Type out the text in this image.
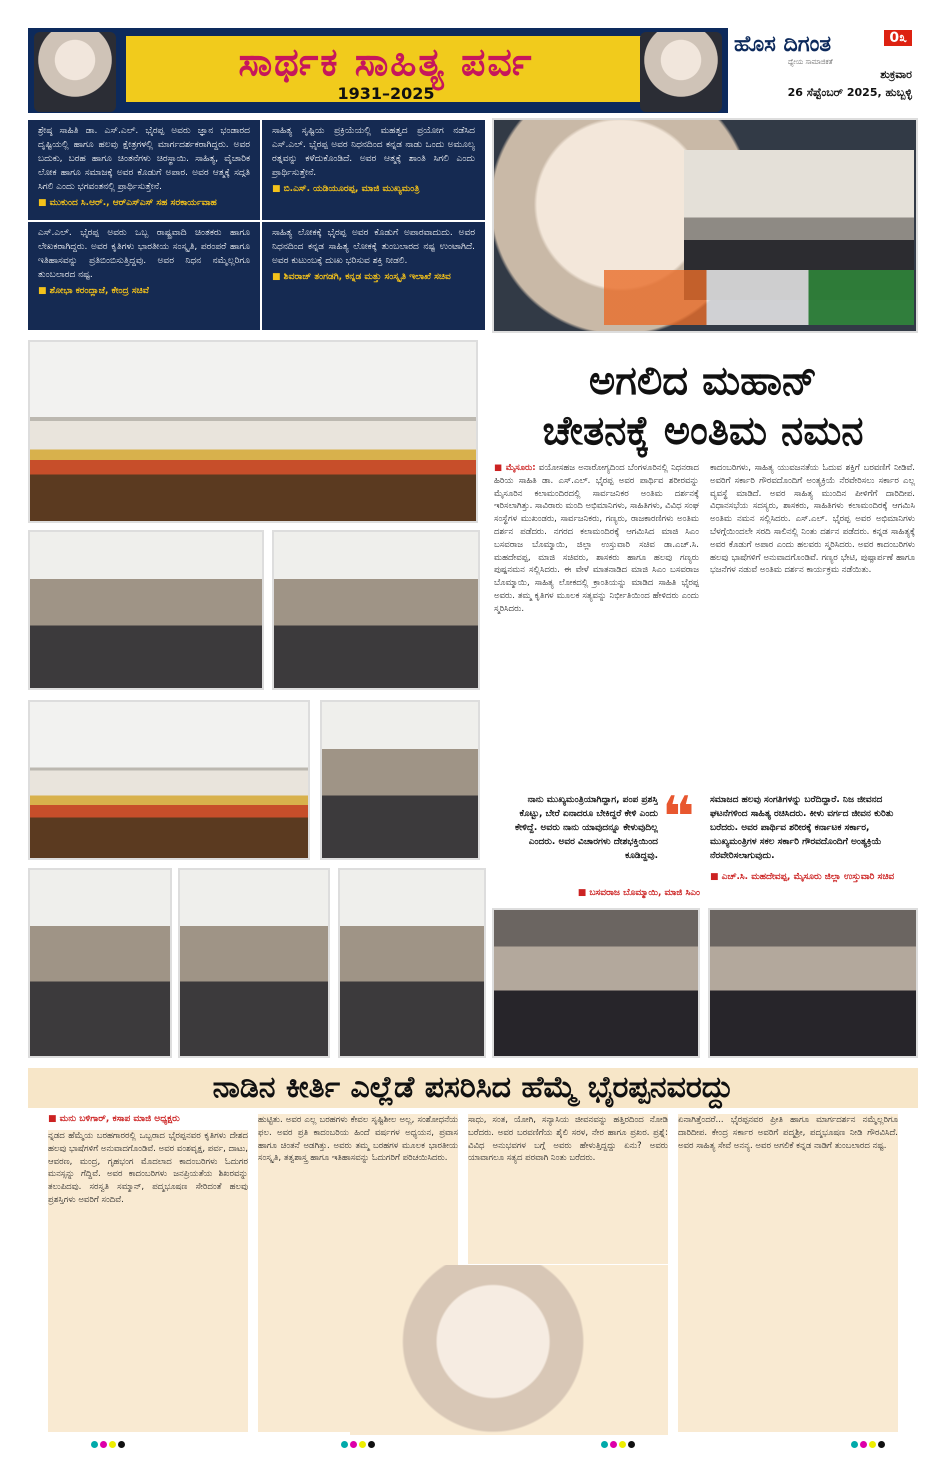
ಸಾರ್ಥಕ ಸಾಹಿತ್ಯ ಪರ್ವ
1931–2025
0೩
ಹೊಸ ದಿಗಂತ
ಧ್ಯೇಯ ಸಾಮಾಜಿಕತೆ
ಶುಕ್ರವಾರ
26 ಸೆಪ್ಟೆಂಬರ್ 2025, ಹುಬ್ಬಳ್ಳಿ

ಶ್ರೇಷ್ಠ ಸಾಹಿತಿ ಡಾ. ಎಸ್.ಎಲ್. ಭೈರಪ್ಪ ಅವರು ಜ್ಞಾನ ಭಂಡಾರದ ದೃಷ್ಟಿಯಲ್ಲಿ ಹಾಗೂ ಹಲವು ಕ್ಷೇತ್ರಗಳಲ್ಲಿ ಮಾರ್ಗದರ್ಶಕರಾಗಿದ್ದರು. ಅವರ ಬದುಕು, ಬರಹ ಹಾಗೂ ಚಿಂತನೆಗಳು ಚಿರಸ್ಥಾಯಿ. ಸಾಹಿತ್ಯ, ವೈಚಾರಿಕ ಲೋಕ ಹಾಗೂ ಸಮಾಜಕ್ಕೆ ಅವರ ಕೊಡುಗೆ ಅಪಾರ. ಅವರ ಆತ್ಮಕ್ಕೆ ಸದ್ಗತಿ ಸಿಗಲಿ ಎಂದು ಭಗವಂತನಲ್ಲಿ ಪ್ರಾರ್ಥಿಸುತ್ತೇನೆ.

■ ಮುಕುಂದ ಸಿ.ಆರ್., ಆರ್‌ಎಸ್‌ಎಸ್ ಸಹ ಸರಕಾರ್ಯವಾಹ

ಸಾಹಿತ್ಯ ಸೃಷ್ಟಿಯ ಪ್ರಕ್ರಿಯೆಯಲ್ಲಿ ಮಹತ್ವದ ಪ್ರಯೋಗ ನಡೆಸಿದ ಎಸ್.ಎಲ್. ಭೈರಪ್ಪ ಅವರ ನಿಧನದಿಂದ ಕನ್ನಡ ನಾಡು ಒಂದು ಅಮೂಲ್ಯ ರತ್ನವನ್ನು ಕಳೆದುಕೊಂಡಿದೆ. ಅವರ ಆತ್ಮಕ್ಕೆ ಶಾಂತಿ ಸಿಗಲಿ ಎಂದು ಪ್ರಾರ್ಥಿಸುತ್ತೇನೆ.

■ ಬಿ.ಎಸ್. ಯಡಿಯೂರಪ್ಪ, ಮಾಜಿ ಮುಖ್ಯಮಂತ್ರಿ

ಎಸ್.ಎಲ್. ಭೈರಪ್ಪ ಅವರು ಒಬ್ಬ ರಾಷ್ಟ್ರವಾದಿ ಚಿಂತಕರು ಹಾಗೂ ಲೇಖಕರಾಗಿದ್ದರು. ಅವರ ಕೃತಿಗಳು ಭಾರತೀಯ ಸಂಸ್ಕೃತಿ, ಪರಂಪರೆ ಹಾಗೂ ಇತಿಹಾಸವನ್ನು ಪ್ರತಿಬಿಂಬಿಸುತ್ತಿದ್ದವು. ಅವರ ನಿಧನ ನಮ್ಮೆಲ್ಲರಿಗೂ ತುಂಬಲಾರದ ನಷ್ಟ.

■ ಶೋಭಾ ಕರಂದ್ಲಾಜೆ, ಕೇಂದ್ರ ಸಚಿವೆ

ಸಾಹಿತ್ಯ ಲೋಕಕ್ಕೆ ಭೈರಪ್ಪ ಅವರ ಕೊಡುಗೆ ಅಪಾರವಾದುದು. ಅವರ ನಿಧನದಿಂದ ಕನ್ನಡ ಸಾಹಿತ್ಯ ಲೋಕಕ್ಕೆ ತುಂಬಲಾರದ ನಷ್ಟ ಉಂಟಾಗಿದೆ. ಅವರ ಕುಟುಂಬಕ್ಕೆ ದುಃಖ ಭರಿಸುವ ಶಕ್ತಿ ನೀಡಲಿ.

■ ಶಿವರಾಜ್ ತಂಗಡಗಿ, ಕನ್ನಡ ಮತ್ತು ಸಂಸ್ಕೃತಿ ಇಲಾಖೆ ಸಚಿವ
ಅಗಲಿದ ಮಹಾನ್
ಚೇತನಕ್ಕೆ ಅಂತಿಮ ನಮನ
■ ಮೈಸೂರು: ವಯೋಸಹಜ ಅನಾರೋಗ್ಯದಿಂದ ಬೆಂಗಳೂರಿನಲ್ಲಿ ನಿಧನರಾದ ಹಿರಿಯ ಸಾಹಿತಿ ಡಾ. ಎಸ್.ಎಲ್. ಭೈರಪ್ಪ ಅವರ ಪಾರ್ಥಿವ ಶರೀರವನ್ನು ಮೈಸೂರಿನ ಕಲಾಮಂದಿರದಲ್ಲಿ ಸಾರ್ವಜನಿಕರ ಅಂತಿಮ ದರ್ಶನಕ್ಕೆ ಇರಿಸಲಾಗಿತ್ತು. ಸಾವಿರಾರು ಮಂದಿ ಅಭಿಮಾನಿಗಳು, ಸಾಹಿತಿಗಳು, ವಿವಿಧ ಸಂಘ ಸಂಸ್ಥೆಗಳ ಮುಖಂಡರು, ಸಾರ್ವಜನಿಕರು, ಗಣ್ಯರು, ರಾಜಕಾರಣಿಗಳು ಅಂತಿಮ ದರ್ಶನ ಪಡೆದರು. ನಗರದ ಕಲಾಮಂದಿರಕ್ಕೆ ಆಗಮಿಸಿದ ಮಾಜಿ ಸಿಎಂ ಬಸವರಾಜ ಬೊಮ್ಮಾಯಿ, ಜಿಲ್ಲಾ ಉಸ್ತುವಾರಿ ಸಚಿವ ಡಾ.ಎಚ್.ಸಿ. ಮಹದೇವಪ್ಪ, ಮಾಜಿ ಸಚಿವರು, ಶಾಸಕರು ಹಾಗೂ ಹಲವು ಗಣ್ಯರು ಪುಷ್ಪನಮನ ಸಲ್ಲಿಸಿದರು. ಈ ವೇಳೆ ಮಾತನಾಡಿದ ಮಾಜಿ ಸಿಎಂ ಬಸವರಾಜ ಬೊಮ್ಮಾಯಿ, ಸಾಹಿತ್ಯ ಲೋಕದಲ್ಲಿ ಕ್ರಾಂತಿಯನ್ನು ಮಾಡಿದ ಸಾಹಿತಿ ಭೈರಪ್ಪ ಅವರು. ತಮ್ಮ ಕೃತಿಗಳ ಮೂಲಕ ಸತ್ಯವನ್ನು ನಿರ್ಭೀತಿಯಿಂದ ಹೇಳಿದರು ಎಂದು ಸ್ಮರಿಸಿದರು.
ಕಾದಂಬರಿಗಳು, ಸಾಹಿತ್ಯ ಯುವಜನತೆಯ ಓದುವ ಶಕ್ತಿಗೆ ಬರವಣಿಗೆ ನೀಡಿವೆ. ಅವರಿಗೆ ಸರ್ಕಾರಿ ಗೌರವದೊಂದಿಗೆ ಅಂತ್ಯಕ್ರಿಯೆ ನೆರವೇರಿಸಲು ಸರ್ಕಾರ ಎಲ್ಲ ವ್ಯವಸ್ಥೆ ಮಾಡಿದೆ. ಅವರ ಸಾಹಿತ್ಯ ಮುಂದಿನ ಪೀಳಿಗೆಗೆ ದಾರಿದೀಪ. ವಿಧಾನಸಭೆಯ ಸದಸ್ಯರು, ಶಾಸಕರು, ಸಾಹಿತಿಗಳು ಕಲಾಮಂದಿರಕ್ಕೆ ಆಗಮಿಸಿ ಅಂತಿಮ ನಮನ ಸಲ್ಲಿಸಿದರು. ಎಸ್.ಎಲ್. ಭೈರಪ್ಪ ಅವರ ಅಭಿಮಾನಿಗಳು ಬೆಳಗ್ಗೆಯಿಂದಲೇ ಸರದಿ ಸಾಲಿನಲ್ಲಿ ನಿಂತು ದರ್ಶನ ಪಡೆದರು. ಕನ್ನಡ ಸಾಹಿತ್ಯಕ್ಕೆ ಅವರ ಕೊಡುಗೆ ಅಪಾರ ಎಂದು ಹಲವರು ಸ್ಮರಿಸಿದರು. ಅವರ ಕಾದಂಬರಿಗಳು ಹಲವು ಭಾಷೆಗಳಿಗೆ ಅನುವಾದಗೊಂಡಿವೆ. ಗಣ್ಯರ ಭೇಟಿ, ಪುಷ್ಪಾರ್ಪಣೆ ಹಾಗೂ ಭಜನೆಗಳ ನಡುವೆ ಅಂತಿಮ ದರ್ಶನ ಕಾರ್ಯಕ್ರಮ ನಡೆಯಿತು.
ನಾನು ಮುಖ್ಯಮಂತ್ರಿಯಾಗಿದ್ದಾಗ, ಪಂಪ ಪ್ರಶಸ್ತಿ ಕೊಟ್ಟು, ಬೇರೆ ಏನಾದರೂ ಬೇಕಿದ್ದರೆ ಕೇಳಿ ಎಂದು ಕೇಳಿದ್ದೆ. ಅವರು ನಾನು ಯಾವುದನ್ನೂ ಕೇಳುವುದಿಲ್ಲ ಎಂದರು. ಅವರ ವಿಚಾರಗಳು ದೇಶಭಕ್ತಿಯಿಂದ ಕೂಡಿದ್ದವು.
❝ ಸಮಾಜದ ಹಲವು ಸಂಗತಿಗಳನ್ನು ಬರೆದಿದ್ದಾರೆ. ನಿಜ ಜೀವನದ ಘಟನೆಗಳಿಂದ ಸಾಹಿತ್ಯ ರಚಿಸಿದರು. ಕೀಳು ವರ್ಗದ ಜೀವನ ಕುರಿತು ಬರೆದರು. ಅವರ ಪಾರ್ಥಿವ ಶರೀರಕ್ಕೆ ಕರ್ನಾಟಕ ಸರ್ಕಾರ, ಮುಖ್ಯಮಂತ್ರಿಗಳ ಸಕಲ ಸರ್ಕಾರಿ ಗೌರವದೊಂದಿಗೆ ಅಂತ್ಯಕ್ರಿಯೆ ನೆರವೇರಿಸಲಾಗುವುದು.
■ ಬಸವರಾಜ ಬೊಮ್ಮಾಯಿ, ಮಾಜಿ ಸಿಎಂ
■ ಎಚ್.ಸಿ. ಮಹದೇವಪ್ಪ, ಮೈಸೂರು ಜಿಲ್ಲಾ ಉಸ್ತುವಾರಿ ಸಚಿವ
ನಾಡಿನ ಕೀರ್ತಿ ಎಲ್ಲೆಡೆ ಪಸರಿಸಿದ ಹೆಮ್ಮೆ ಭೈರಪ್ಪನವರದ್ದು
■ ಮನು ಬಳಿಗಾರ್, ಕಸಾಪ ಮಾಜಿ ಅಧ್ಯಕ್ಷರು
ನ್ನಡದ ಹೆಮ್ಮೆಯ ಬರಹಗಾರರಲ್ಲಿ ಒಬ್ಬರಾದ ಭೈರಪ್ಪನವರ ಕೃತಿಗಳು ದೇಶದ ಹಲವು ಭಾಷೆಗಳಿಗೆ ಅನುವಾದಗೊಂಡಿವೆ. ಅವರ ವಂಶವೃಕ್ಷ, ಪರ್ವ, ದಾಟು, ಆವರಣ, ಮಂದ್ರ, ಗೃಹಭಂಗ ಮೊದಲಾದ ಕಾದಂಬರಿಗಳು ಓದುಗರ ಮನಸ್ಸನ್ನು ಗೆದ್ದಿವೆ. ಅವರ ಕಾದಂಬರಿಗಳು ಜನಪ್ರಿಯತೆಯ ಶಿಖರವನ್ನು ತಲುಪಿದವು. ಸರಸ್ವತಿ ಸಮ್ಮಾನ್, ಪದ್ಮಭೂಷಣ ಸೇರಿದಂತೆ ಹಲವು ಪ್ರಶಸ್ತಿಗಳು ಅವರಿಗೆ ಸಂದಿವೆ.
ಹುಟ್ಟಿತು. ಅವರ ಎಲ್ಲ ಬರಹಗಳು ಕೇವಲ ಸೃಷ್ಟಿಶೀಲ ಅಲ್ಲ, ಸಂಶೋಧನೆಯ ಫಲ. ಅವರ ಪ್ರತಿ ಕಾದಂಬರಿಯ ಹಿಂದೆ ವರ್ಷಗಳ ಅಧ್ಯಯನ, ಪ್ರವಾಸ ಹಾಗೂ ಚಿಂತನೆ ಅಡಗಿತ್ತು. ಅವರು ತಮ್ಮ ಬರಹಗಳ ಮೂಲಕ ಭಾರತೀಯ ಸಂಸ್ಕೃತಿ, ತತ್ವಶಾಸ್ತ್ರ ಹಾಗೂ ಇತಿಹಾಸವನ್ನು ಓದುಗರಿಗೆ ಪರಿಚಯಿಸಿದರು.
ಸಾಧು, ಸಂತ, ಯೋಗಿ, ಸನ್ಯಾಸಿಯ ಜೀವನವನ್ನು ಹತ್ತಿರದಿಂದ ನೋಡಿ ಬರೆದರು. ಅವರ ಬರವಣಿಗೆಯ ಶೈಲಿ ಸರಳ, ನೇರ ಹಾಗೂ ಪ್ರಖರ. ಪ್ರಶ್ನೆ: ವಿವಿಧ ಅನುಭವಗಳ ಬಗ್ಗೆ ಅವರು ಹೇಳುತ್ತಿದ್ದದ್ದು ಏನು? ಅವರು ಯಾವಾಗಲೂ ಸತ್ಯದ ಪರವಾಗಿ ನಿಂತು ಬರೆದರು.
ಏನಾಗಿತ್ತೆಂದರೆ... ಭೈರಪ್ಪನವರ ಪ್ರೀತಿ ಹಾಗೂ ಮಾರ್ಗದರ್ಶನ ನಮ್ಮೆಲ್ಲರಿಗೂ ದಾರಿದೀಪ. ಕೇಂದ್ರ ಸರ್ಕಾರ ಅವರಿಗೆ ಪದ್ಮಶ್ರೀ, ಪದ್ಮಭೂಷಣ ನೀಡಿ ಗೌರವಿಸಿದೆ. ಅವರ ಸಾಹಿತ್ಯ ಸೇವೆ ಅನನ್ಯ. ಅವರ ಅಗಲಿಕೆ ಕನ್ನಡ ನಾಡಿಗೆ ತುಂಬಲಾರದ ನಷ್ಟ.
